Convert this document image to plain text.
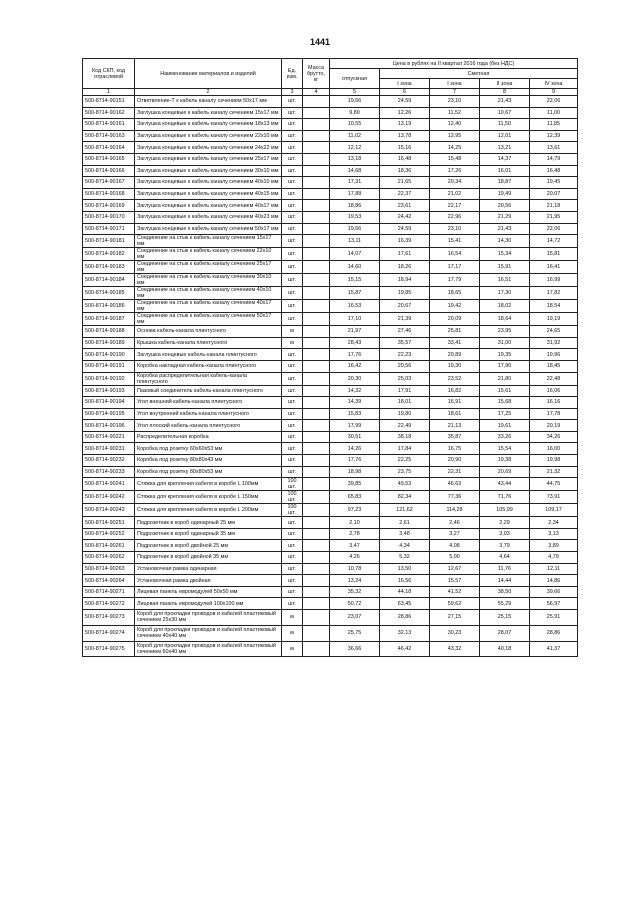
1441
Код СКП, код отраслевой	Наименование материалов и изделий	Ед. изм.	Масса брутто, кг	Цена в рублях на II квартал 2016 года (без НДС)				
				отпускная	Сметная			
					I зона	I зона	II зона	IV зона
1	2	3	4	5	6	7	8	9
500-8714-90151	Ответвление-Т к кабель каналу сечением 50х17 мм	шт.		19,66	24,59	23,10	21,43	22,06
500-8714-90162	Заглушка концевые к кабель каналу сечением 15х17 мм	шт.		9,80	12,26	11,52	10,67	11,00
500-8714-90161	Заглушка концевые к кабель каналу сечением 18х13 мм	шт.		10,55	13,19	12,40	11,50	11,85
500-8714-90163	Заглушка концевые к кабель каналу сечением 22х10 мм	шт.		11,02	13,78	12,95	12,01	12,39
500-8714-90164	Заглушка концевые к кабель каналу сечением 24х22 мм	шт.		12,12	15,16	14,25	13,21	13,61
500-8714-90165	Заглушка концевые к кабель каналу сечением 25х17 мм	шт.		13,18	16,48	15,48	14,37	14,79
500-8714-90166	Заглушка концевые к кабель каналу сечением 30х10 мм	шт.		14,68	18,36	17,26	16,01	16,48
500-8714-90167	Заглушка концевые к кабель каналу сечением 40х10 мм	шт.		17,31	21,65	20,34	18,87	19,45
500-8714-90168	Заглушка концевые к кабель каналу сечением 40х15 мм	шт.		17,88	22,37	21,02	19,49	20,07
500-8714-90169	Заглушка концевые к кабель каналу сечением 40х17 мм	шт.		18,86	23,61	22,17	20,56	21,18
500-8714-90170	Заглушка концевые к кабель каналу сечением 40х23 мм	шт.		19,53	24,42	22,96	21,29	21,95
500-8714-90171	Заглушка концевые к кабель каналу сечением 50х17 мм	шт.		19,66	24,59	23,10	21,43	22,06
500-8714-90181	Соединение на стык к кабель каналу сечением 15х17 мм	шт.		13,11	16,39	15,41	14,30	14,72
500-8714-90182	Соединение на стык к кабель каналу сечением 22х10 мм	шт.		14,07	17,61	16,54	15,34	15,81
500-8714-90183	Соединение на стык к кабель каналу сечением 25х17 мм	шт.		14,60	18,26	17,17	15,91	16,41
500-8714-90184	Соединение на стык к кабель каналу сечением 30х10 мм	шт.		15,15	18,94	17,79	16,51	16,99
500-8714-90185	Соединение на стык к кабель каналу сечением 40х10 мм	шт.		15,87	19,85	18,65	17,30	17,82
500-8714-90186	Соединение на стык к кабель каналу сечением 40х17 мм	шт.		16,53	20,67	19,42	18,02	18,54
500-8714-90187	Соединение на стык к кабель каналу сечением 50х17 мм	шт.		17,10	21,39	20,09	18,64	19,19
500-8714-90188	Основа кабель-канала плинтусного	м		21,97	27,46	25,81	23,95	24,65
500-8714-90189	Крышка кабель-канала плинтусного	м		28,43	35,57	33,41	31,00	31,92
500-8714-90190	Заглушка концевые кабель-канала плинтусного	шт.		17,76	22,23	20,89	19,35	19,96
500-8714-90191	Коробка накладная кабель-канала плинтусного	шт.		16,42	20,56	19,30	17,90	18,45
500-8714-90192	Коробка распределительная кабель-канала плинтусного	шт.		20,30	25,03	23,52	21,80	22,48
500-8714-90193	Пазовый соединитель кабель-канала плинтусного	шт.		14,32	17,91	16,82	15,61	16,06
500-8714-90194	Угол внешний кабель-канала плинтусного	шт.		14,39	18,01	16,91	15,68	16,16
500-8714-90195	Угол внутренний кабель-канала плинтусного	шт.		15,83	19,80	18,61	17,25	17,78
500-8714-90196	Угол плоский кабель-канала плинтусного	шт.		17,99	22,49	21,13	19,61	20,19
500-8714-90221	Распределительная коробка	шт.		30,51	38,18	35,87	33,26	34,26
500-8714-90231	Коробка под розетку 60х60х53 мм	шт.		14,26	17,84	16,75	15,54	16,00
500-8714-90232	Коробка под розетку 80х80х43 мм	шт.		17,76	22,25	20,90	19,38	19,98
500-8714-90233	Коробка под розетку 80х80х53 мм	шт.		18,98	23,75	22,31	20,69	21,32
500-8714-90241	Стяжка для крепления кабеля в коробе L 100мм	100 шт.		39,85	49,53	46,63	43,44	44,75
500-8714-90242	Стяжка для крепления кабеля в коробе L 150мм	100 шт.		65,83	82,34	77,36	71,76	73,91
500-8714-90243	Стяжка для крепления кабеля в коробе L 200мм	100 шт.		97,23	121,62	114,28	105,99	109,17
500-8714-90251	Подрозетник в короб одинарный 25 мм	шт.		2,10	2,61	2,46	2,29	2,34
500-8714-90252	Подрозетник в короб одинарный 35 мм	шт.		2,78	3,48	3,27	3,03	3,13
500-8714-90261	Подрозетник в короб двойной 25 мм	шт.		3,47	4,34	4,08	3,79	3,89
500-8714-90262	Подрозетник в короб двойной 35 мм	шт.		4,26	5,32	5,00	4,64	4,79
500-8714-90263	Установочная рамка одинарная	шт.		10,78	13,50	12,67	11,76	12,11
500-8714-90264	Установочная рамка двойная	шт.		13,24	16,56	15,57	14,44	14,86
500-8714-90271	Лицевая панель евромодулей 50х50 мм	шт.		35,32	44,18	41,52	38,50	39,66
500-8714-90272	Лицевая панель евромодулей 100х100 мм	шт.		50,72	63,45	59,62	55,29	56,97
500-8714-90273	Короб для прокладки проводов и кабелей пластиковый сечением 25х30 мм	м		23,07	28,86	27,15	25,15	25,91
500-8714-90274	Короб для прокладки проводов и кабелей пластиковый сечением 40х40 мм	м		25,75	32,13	30,23	28,07	28,86
500-8714-90275	Короб для прокладки проводов и кабелей пластиковый сечением 60х40 мм	м		36,66	46,42	43,32	40,18	41,37
